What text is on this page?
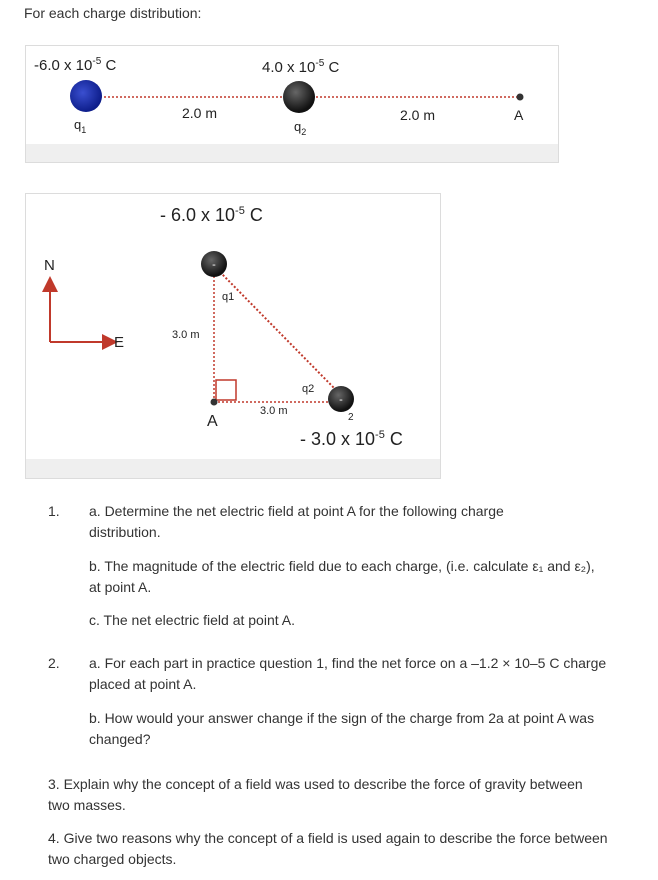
For each charge distribution:
-6.0 x $10^{-5}$ C	4.0 x $10^{-5}$ C
$q_1$	$q_2$
2.0 m	2.0 m	A
- 6.0 x $10^{-5}$ C
N
E
-
-
q1
q2
3.0 m
3.0 m
A	2
- 3.0 x $10^{-5}$ C
1. a. Determine the net electric field at point A for the following charge distribution.
b. The magnitude of the electric field due to each charge, (i.e. calculate ε₁ and ε₂), at point A.
c. The net electric field at point A.
2. a. For each part in practice question 1, find the net force on a –1.2 × 10–5 C charge placed at point A.
b. How would your answer change if the sign of the charge from 2a at point A was changed?
3. Explain why the concept of a field was used to describe the force of gravity between two masses.
4. Give two reasons why the concept of a field is used again to describe the force between two charged objects.
